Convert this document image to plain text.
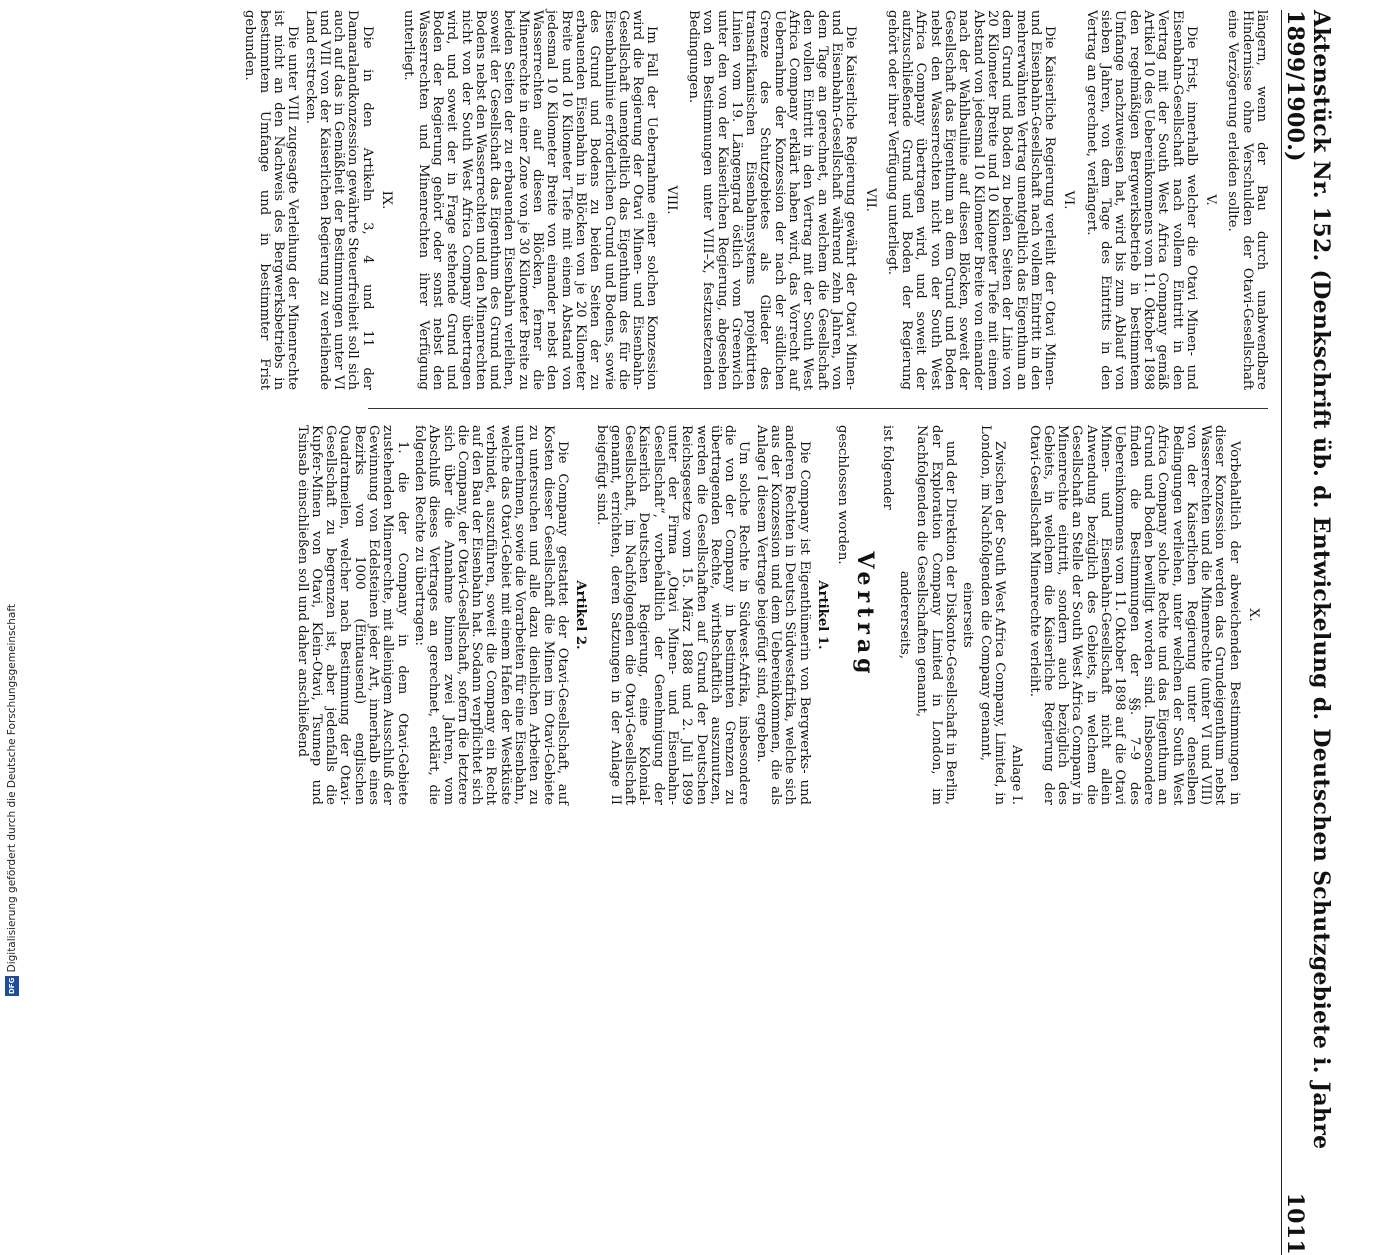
Aktenstück Nr. 152. (Denkschrift üb. d. Entwickelung d. Deutschen Schutzgebiete i. Jahre 1899/1900.)
1011

längern, wenn der Bau durch unabwendbare Hindernisse ohne Verschulden der Otavi-Gesellschaft eine Verzögerung erleiden sollte.

V.

Die Frist, innerhalb welcher die Otavi Minen- und Eisenbahn-Gesellschaft nach vollem Eintritt in den Vertrag mit der South West Africa Company gemäß Artikel 10 des Uebereinkommens vom 11. Oktober 1898 den regelmäßigen Bergwerksbetrieb in bestimmtem Umfange nachzuweisen hat, wird bis zum Ablauf von sieben Jahren, von dem Tage des Eintritts in den Vertrag an gerechnet, verlängert.

VI.

Die Kaiserliche Regierung verleiht der Otavi Minen- und Eisenbahn-Gesellschaft nach vollem Eintritt in den mehrerwähnten Vertrag unentgeltlich das Eigenthum an dem Grund und Boden zu beiden Seiten der Linie von 20 Kilometer Breite und 10 Kilometer Tiefe mit einem Abstand von jedesmal 10 Kilometer Breite von einander nach der Wahlbaulinie auf diesen Blöcken, soweit der Gesellschaft das Eigenthum an dem Grund und Boden nebst den Wasserrechten nicht von der South West Africa Company übertragen wird, und soweit der aufzuschließende Grund und Boden der Regierung gehört oder ihrer Verfügung unterliegt.

VII.

Die Kaiserliche Regierung gewährt der Otavi Minen- und Eisenbahn-Gesellschaft während zehn Jahren, von dem Tage an gerechnet, an welchem die Gesellschaft den vollen Eintritt in den Vertrag mit der South West Africa Company erklärt haben wird, das Vorrecht auf Uebernahme der Konzession der nach der südlichen Grenze des Schutzgebietes als Glieder des transafrikanischen Eisenbahnsystems projektirten Linien vom 19. Längengrad östlich vom Greenwich unter den von der Kaiserlichen Regierung, abgesehen von den Bestimmungen unter VIII–X, festzusetzenden Bedingungen.

VIII.

Im Fall der Uebernahme einer solchen Konzession wird die Regierung der Otavi Minen- und Eisenbahn-Gesellschaft unentgeltlich das Eigenthum des für die Eisenbahnlinie erforderlichen Grund und Bodens, sowie des Grund und Bodens zu beiden Seiten der zu erbauenden Eisenbahn in Blöcken von je 20 Kilometer Breite und 10 Kilometer Tiefe mit einem Abstand von jedesmal 10 Kilometer Breite von einander nebst den Wasserrechten auf diesen Blöcken, ferner die Minenrechte in einer Zone von je 30 Kilometer Breite zu beiden Seiten der zu erbauenden Eisenbahn verleihen, soweit der Gesellschaft das Eigenthum des Grund und Bodens nebst den Wasserrechten und den Minenrechten nicht von der South West Africa Company übertragen wird, und soweit der in Frage stehende Grund und Boden der Regierung gehört oder sonst nebst den Wasserrechten und Minenrechten ihrer Verfügung unterliegt.

IX.

Die in den Artikeln 3, 4 und 11 der Damaralandkonzession gewährte Steuerfreiheit soll sich auch auf das in Gemäßheit der Bestimmungen unter VI und VIII von der Kaiserlichen Regierung zu verleihende Land erstrecken.

Die unter VIII zugesagte Verleihung der Minenrechte ist nicht an den Nachweis des Bergwerksbetriebs in bestimmtem Umfange und in bestimmter Frist gebunden.

X.

Vorbehaltlich der abweichenden Bestimmungen in dieser Konzession werden das Grundeigenthum nebst Wasserrechten und die Minenrechte (unter VI und VIII) von der Kaiserlichen Regierung unter denselben Bedingungen verliehen, unter welchen der South West Africa Company solche Rechte und das Eigenthum an Grund und Boden bewilligt worden sind. Insbesondere finden die Bestimmungen der §§. 7–9 des Uebereinkommens vom 11. Oktober 1898 auf die Otavi Minen- und Eisenbahn-Gesellschaft nicht allein Anwendung bezüglich des Gebiets, in welchem die Gesellschaft an Stelle der South West Africa Company in Minenrechte eintritt, sondern auch bezüglich des Gebiets, in welchem die Kaiserliche Regierung der Otavi-Gesellschaft Minenrechte verleiht.

Anlage I.

Zwischen der South West Africa Company, Limited, in London, im Nachfolgenden die Company genannt,

einerseits

und der Direktion der Diskonto-Gesellschaft in Berlin, der Exploration Company Limited in London, im Nachfolgenden die Gesellschaften genannt,

andererseits,

ist folgender

Vertrag

geschlossen worden.

Artikel 1.

Die Company ist Eigenthümerin von Bergwerks- und anderen Rechten in Deutsch Südwestafrika, welche sich aus der Konzession und dem Uebereinkommen, die als Anlage I diesem Vertrage beigefügt sind, ergeben.

Um solche Rechte in Südwest-Afrika, insbesondere die von der Company in bestimmten Grenzen zu übertragenden Rechte, wirthschaftlich auszunutzen, werden die Gesellschaften auf Grund der Deutschen Reichsgesetze vom 15. März 1888 und 2. Juli 1899 unter der Firma „Otavi Minen- und Eisenbahn-Gesellschaft“, vorbehaltlich der Genehmigung der Kaiserlich Deutschen Regierung, eine Kolonial-Gesellschaft, im Nachfolgenden die Otavi-Gesellschaft genannt, errichten, deren Satzungen in der Anlage II beigefügt sind.

Artikel 2.

Die Company gestattet der Otavi-Gesellschaft, auf Kosten dieser Gesellschaft die Minen im Otavi-Gebiete zu untersuchen und alle dazu dienlichen Arbeiten zu unternehmen, sowie die Vorarbeiten für eine Eisenbahn, welche das Otavi-Gebiet mit einem Hafen der Westküste verbindet, auszuführen, soweit die Company ein Recht auf den Bau der Eisenbahn hat. Sodann verpflichtet sich die Company, der Otavi-Gesellschaft, sofern die letztere sich über die Annahme binnen zwei Jahren, vom Abschluß dieses Vertrages an gerechnet, erklärt, die folgenden Rechte zu übertragen:

1. die der Company in dem Otavi-Gebiete zustehenden Minenrechte, mit alleinigem Ausschluß der Gewinnung von Edelsteinen jeder Art, innerhalb eines Bezirks von 1000 (Eintausend) englischen Quadratmeilen, welcher nach Bestimmung der Otavi-Gesellschaft zu begrenzen ist, aber jedenfalls die Kupfer-Minen von Otavi, Klein-Otavi, Tsumep und Tsinsab einschließen soll und daher anschließend

Digitalisierung gefördert durch die Deutsche Forschungsgemeinschaft
DFG
